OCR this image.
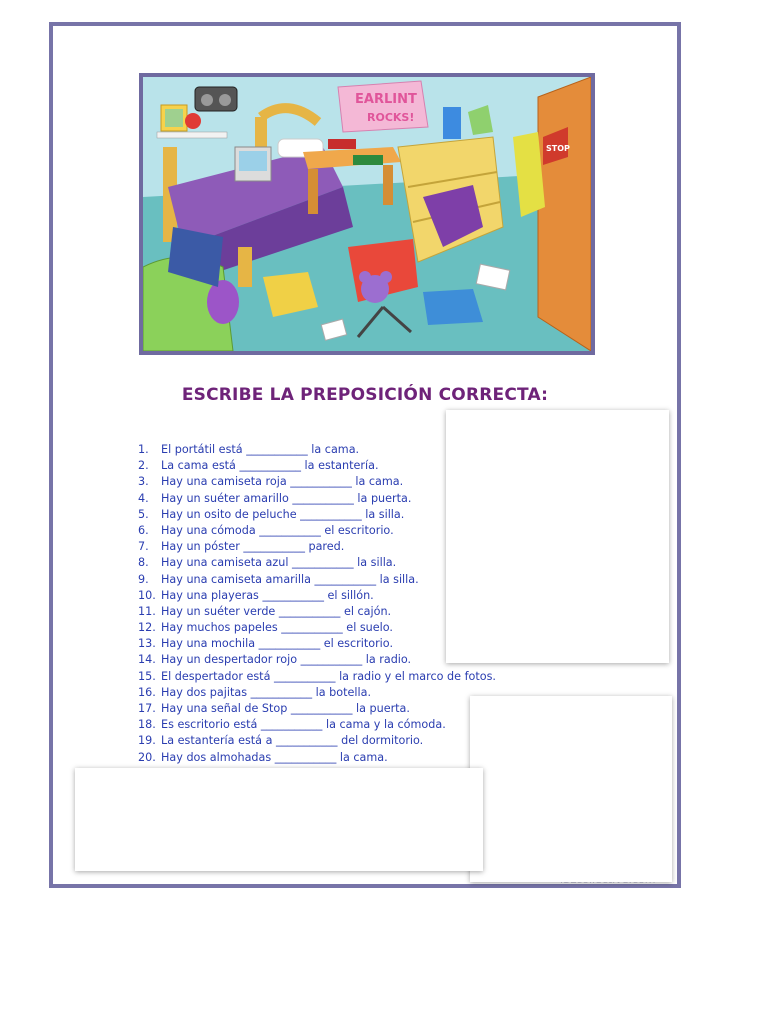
EARLINT
ROCKS!
STOP
ESCRIBE LA PREPOSICIÓN CORRECTA:
1. El portátil está ___________ la cama.
2. La cama está ___________ la estantería.
3. Hay una camiseta roja ___________ la cama.
4. Hay un suéter amarillo ___________ la puerta.
5. Hay un osito de peluche ___________ la silla.
6. Hay una cómoda ___________ el escritorio.
7. Hay un póster ___________ pared.
8. Hay una camiseta azul ___________ la silla.
9. Hay una camiseta amarilla ___________ la silla.
10. Hay una playeras ___________ el sillón.
11. Hay un suéter verde ___________ el cajón.
12. Hay muchos papeles ___________ el suelo.
13. Hay una mochila ___________ el escritorio.
14. Hay un despertador rojo ___________ la radio.
15. El despertador está ___________ la radio y el marco de fotos.
16. Hay dos pajitas ___________ la botella.
17. Hay una señal de Stop ___________ la puerta.
18. Es escritorio está ___________ la cama y la cómoda.
19. La estantería está a ___________ del dormitorio.
20. Hay dos almohadas ___________ la cama.
